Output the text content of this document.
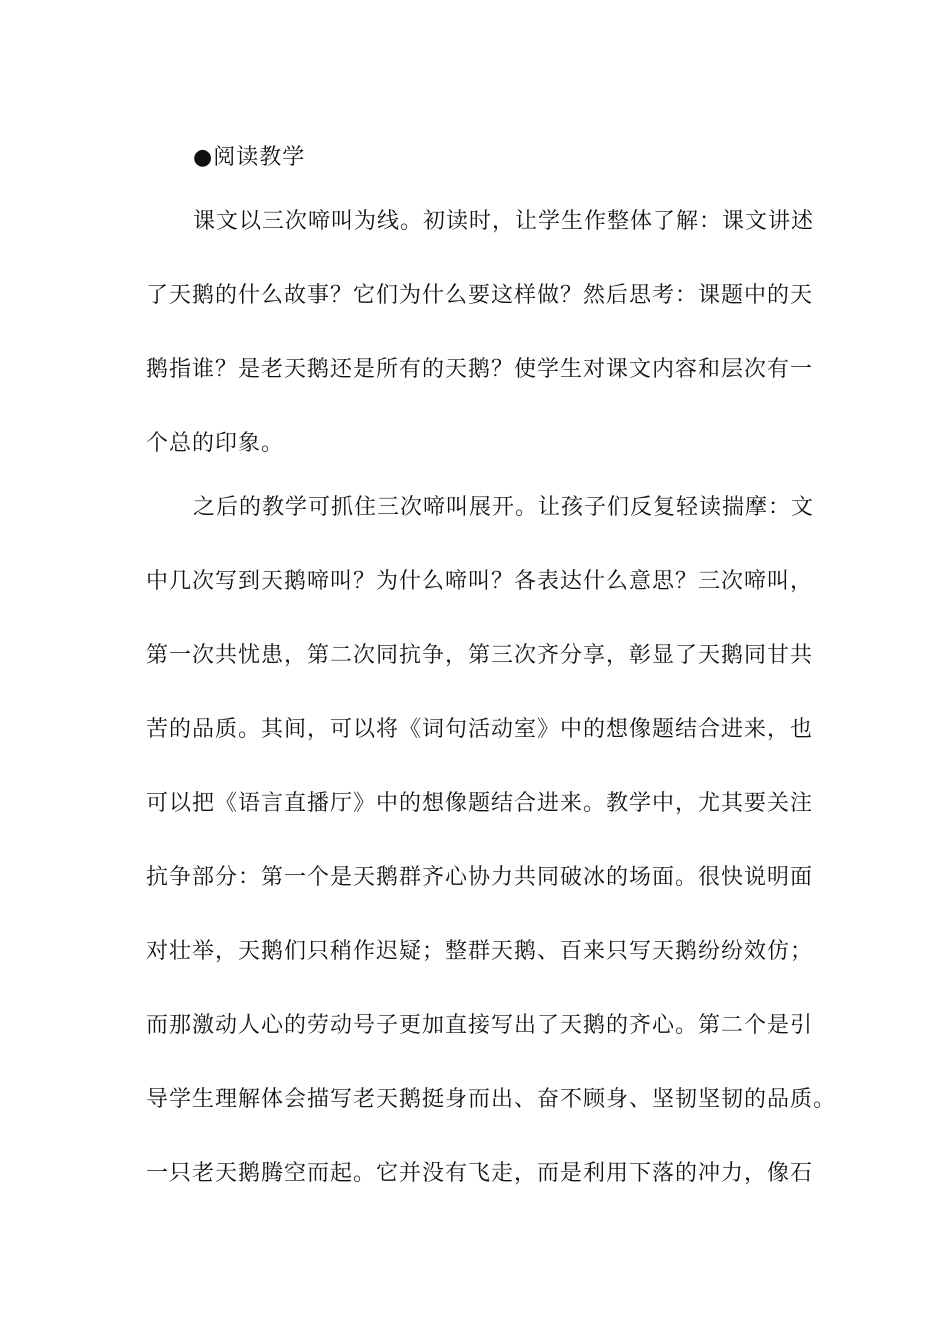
●阅读教学
课文以三次啼叫为线。初读时，让学生作整体了解：课文讲述
了天鹅的什么故事？它们为什么要这样做？然后思考：课题中的天
鹅指谁？是老天鹅还是所有的天鹅？使学生对课文内容和层次有一
个总的印象。
之后的教学可抓住三次啼叫展开。让孩子们反复轻读揣摩：文
中几次写到天鹅啼叫？为什么啼叫？各表达什么意思？三次啼叫，
第一次共忧患，第二次同抗争，第三次齐分享，彰显了天鹅同甘共
苦的品质。其间，可以将《词句活动室》中的想像题结合进来，也
可以把《语言直播厅》中的想像题结合进来。教学中，尤其要关注
抗争部分：第一个是天鹅群齐心协力共同破冰的场面。很快说明面
对壮举，天鹅们只稍作迟疑；整群天鹅、百来只写天鹅纷纷效仿；
而那激动人心的劳动号子更加直接写出了天鹅的齐心。第二个是引
导学生理解体会描写老天鹅挺身而出、奋不顾身、坚韧坚韧的品质。
一只老天鹅腾空而起。它并没有飞走，而是利用下落的冲力，像石
